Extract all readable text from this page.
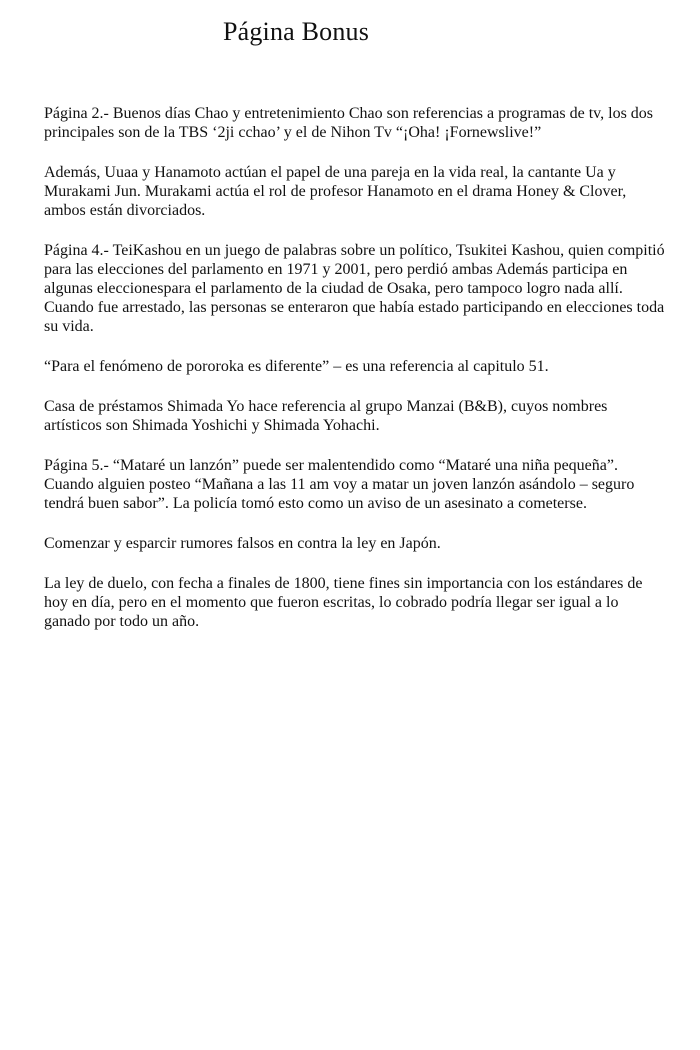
Página Bonus

Página 2.- Buenos días Chao y entretenimiento Chao son referencias a programas de tv, los dos principales son de la TBS ‘2ji cchao’ y el de Nihon Tv “¡Oha! ¡Fornewslive!”

Además, Uuaa y Hanamoto actúan el papel de una pareja en la vida real, la cantante Ua y Murakami Jun. Murakami actúa el rol de profesor Hanamoto en el drama Honey & Clover, ambos están divorciados.

Página 4.- TeiKashou en un juego de palabras sobre un político, Tsukitei Kashou, quien compitió para las elecciones del parlamento en 1971 y 2001, pero perdió ambas Además participa en algunas eleccionespara el parlamento de la ciudad de Osaka, pero tampoco logro nada allí. Cuando fue arrestado, las personas se enteraron que había estado participando en elecciones toda su vida.

“Para el fenómeno de pororoka es diferente” – es una referencia al capitulo 51.

Casa de préstamos Shimada Yo hace referencia al grupo Manzai (B&B), cuyos nombres artísticos son Shimada Yoshichi y Shimada Yohachi.

Página 5.- “Mataré un lanzón” puede ser malentendido como “Mataré una niña pequeña”. Cuando alguien posteo “Mañana a las 11 am voy a matar un joven lanzón asándolo – seguro tendrá buen sabor”. La policía tomó esto como un aviso de un asesinato a cometerse.

Comenzar y esparcir rumores falsos en contra la ley en Japón.

La ley de duelo, con fecha a finales de 1800, tiene fines sin importancia con los estándares de hoy en día, pero en el momento que fueron escritas, lo cobrado podría llegar ser igual a lo ganado por todo un año.
